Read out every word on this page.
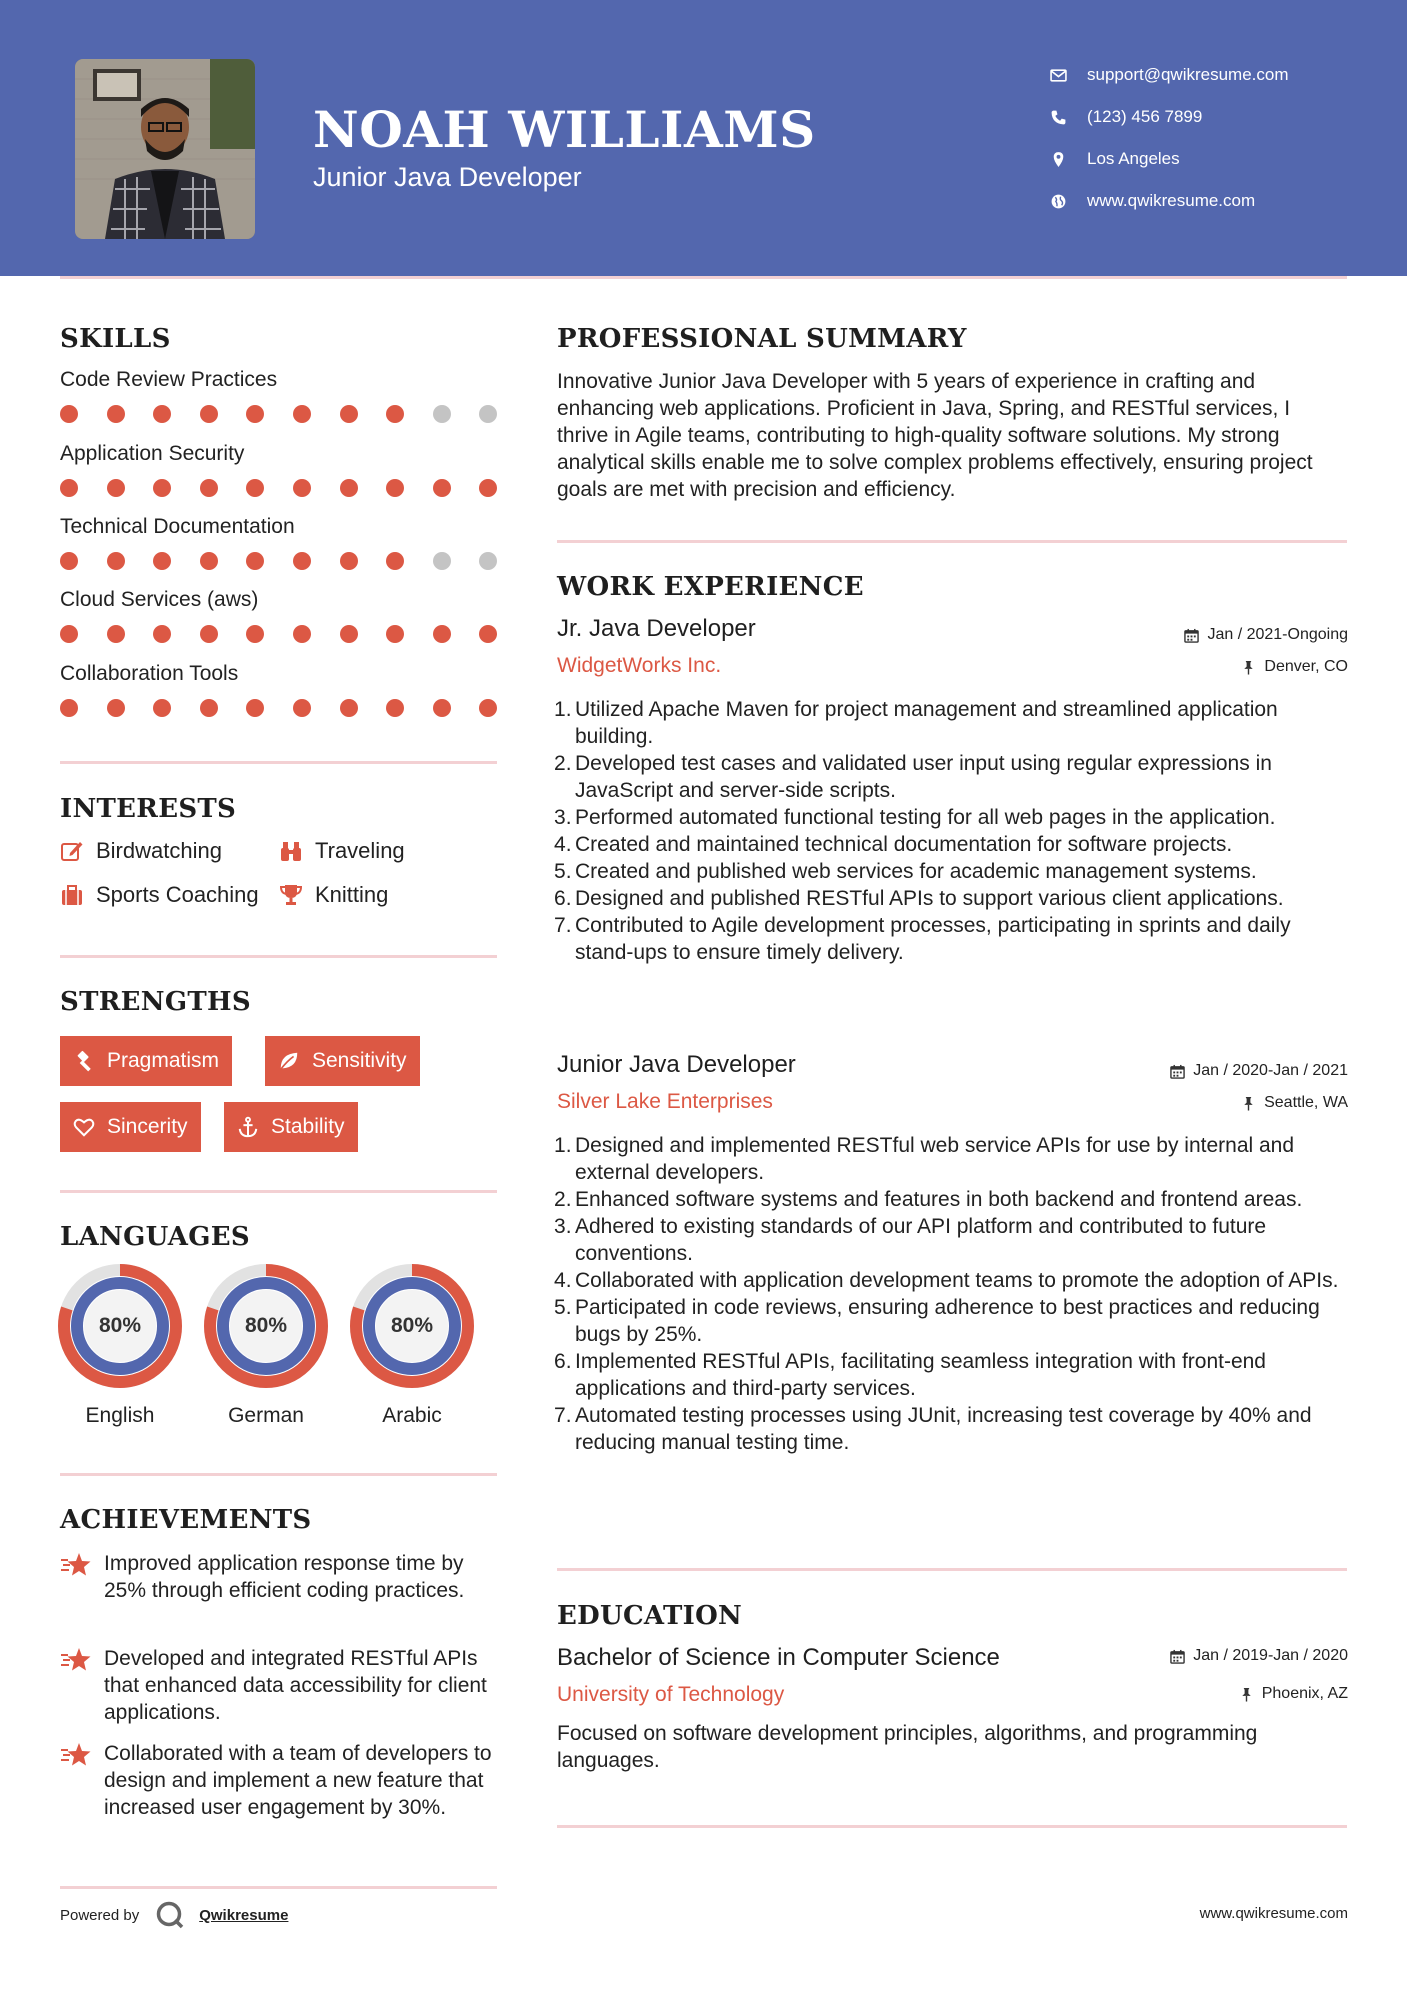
NOAH WILLIAMS
Junior Java Developer
support@qwikresume.com
(123) 456 7899
Los Angeles
www.qwikresume.com
SKILLS
Code Review Practices
Application Security
Technical Documentation
Cloud Services (aws)
Collaboration Tools
INTERESTS
Birdwatching	Traveling
Sports Coaching	Knitting
STRENGTHS
Pragmatism	Sensitivity
Sincerity	Stability
LANGUAGES
80%
English
80%
German
80%
Arabic
ACHIEVEMENTS
Improved application response time by 25% through efficient coding practices.
Developed and integrated RESTful APIs that enhanced data accessibility for client applications.
Collaborated with a team of developers to design and implement a new feature that increased user engagement by 30%.
Powered by	Qwikresume
PROFESSIONAL SUMMARY
Innovative Junior Java Developer with 5 years of experience in crafting and enhancing web applications. Proficient in Java, Spring, and RESTful services, I thrive in Agile teams, contributing to high-quality software solutions. My strong analytical skills enable me to solve complex problems effectively, ensuring project goals are met with precision and efficiency.
WORK EXPERIENCE
Jr. Java Developer	Jan / 2021-Ongoing
WidgetWorks Inc.	Denver, CO
Utilized Apache Maven for project management and streamlined application building.
Developed test cases and validated user input using regular expressions in JavaScript and server-side scripts.
Performed automated functional testing for all web pages in the application.
Created and maintained technical documentation for software projects.
Created and published web services for academic management systems.
Designed and published RESTful APIs to support various client applications.
Contributed to Agile development processes, participating in sprints and daily stand-ups to ensure timely delivery.
Junior Java Developer	Jan / 2020-Jan / 2021
Silver Lake Enterprises	Seattle, WA
Designed and implemented RESTful web service APIs for use by internal and external developers.
Enhanced software systems and features in both backend and frontend areas.
Adhered to existing standards of our API platform and contributed to future conventions.
Collaborated with application development teams to promote the adoption of APIs.
Participated in code reviews, ensuring adherence to best practices and reducing bugs by 25%.
Implemented RESTful APIs, facilitating seamless integration with front-end applications and third-party services.
Automated testing processes using JUnit, increasing test coverage by 40% and reducing manual testing time.
EDUCATION
Bachelor of Science in Computer Science	Jan / 2019-Jan / 2020
University of Technology	Phoenix, AZ
Focused on software development principles, algorithms, and programming languages.
www.qwikresume.com
